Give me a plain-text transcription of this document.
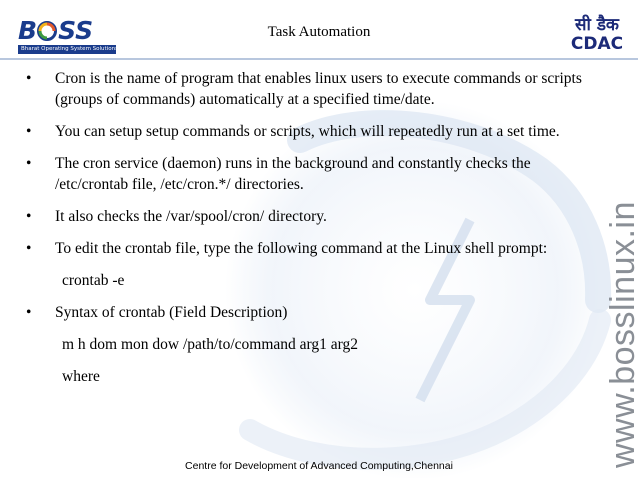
B S S
Bharat Operating System Solutions
Task Automation	सी डैक
CDAC
•	Cron is the name of program that enables linux users to execute commands or scripts (groups of commands) automatically at a specified time/date.
•	You can setup setup commands or scripts, which will repeatedly run at a set time.
•	The cron service (daemon) runs in the background and constantly checks the /etc/crontab file, /etc/cron.*/ directories.
•	It also checks the /var/spool/cron/ directory.
•	To edit the crontab file, type the following command at the Linux shell prompt:
crontab -e
•	Syntax of crontab (Field Description)
m h dom mon dow /path/to/command arg1 arg2
where	www.bosslinux.in
Centre for Development of Advanced Computing,Chennai
